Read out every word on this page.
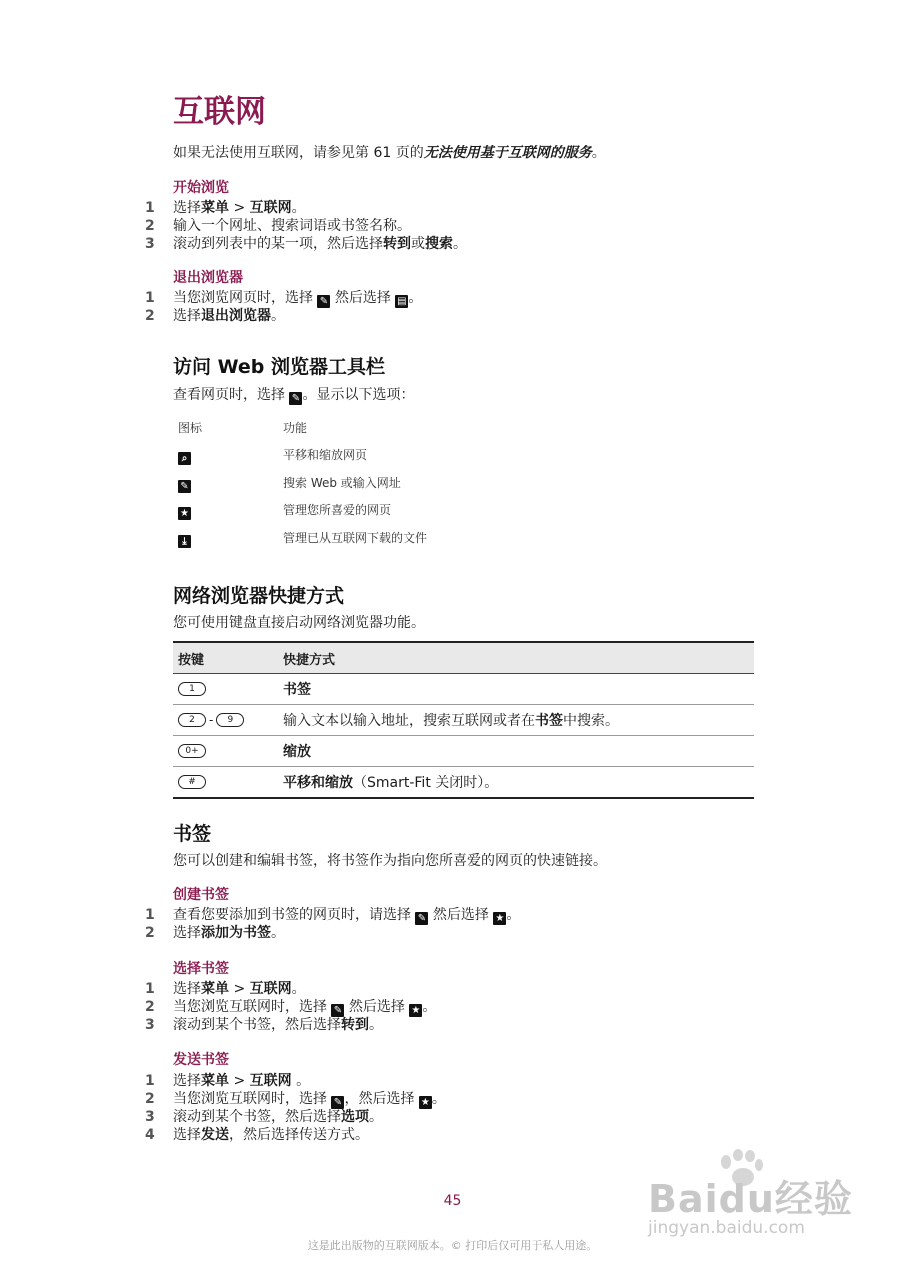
互联网
如果无法使用互联网，请参见第 61 页的无法使用基于互联网的服务。
开始浏览
1	选择菜单 > 互联网。
2	输入一个网址、搜索词语或书签名称。
3	滚动到列表中的某一项，然后选择转到或搜索。
退出浏览器
1	当您浏览网页时，选择 ✎ 然后选择 ▤ 。
2	选择退出浏览器。
访问 Web 浏览器工具栏
查看网页时，选择 ✎ 。显示以下选项：
图标	功能
⌕	平移和缩放网页
✎	搜索 Web 或输入网址
★	管理您所喜爱的网页
⤓	管理已从互联网下载的文件
网络浏览器快捷方式
您可使用键盘直接启动网络浏览器功能。
按键	快捷方式
1	书签
2 - 9	输入文本以输入地址，搜索互联网或者在书签中搜索。
0+	缩放
#	平移和缩放（Smart-Fit 关闭时）。
书签
您可以创建和编辑书签，将书签作为指向您所喜爱的网页的快速链接。
创建书签
1	查看您要添加到书签的网页时，请选择 ✎ 然后选择 ★ 。
2	选择添加为书签。
选择书签
1	选择菜单 > 互联网。
2	当您浏览互联网时，选择 ✎ 然后选择 ★ 。
3	滚动到某个书签，然后选择转到。
发送书签
1	选择菜单 > 互联网 。
2	当您浏览互联网时，选择 ✎ ，然后选择 ★ 。
3	滚动到某个书签，然后选择选项。
4	选择发送，然后选择传送方式。
45	Baidu经验
jingyan.baidu.com
这是此出版物的互联网版本。© 打印后仅可用于私人用途。
